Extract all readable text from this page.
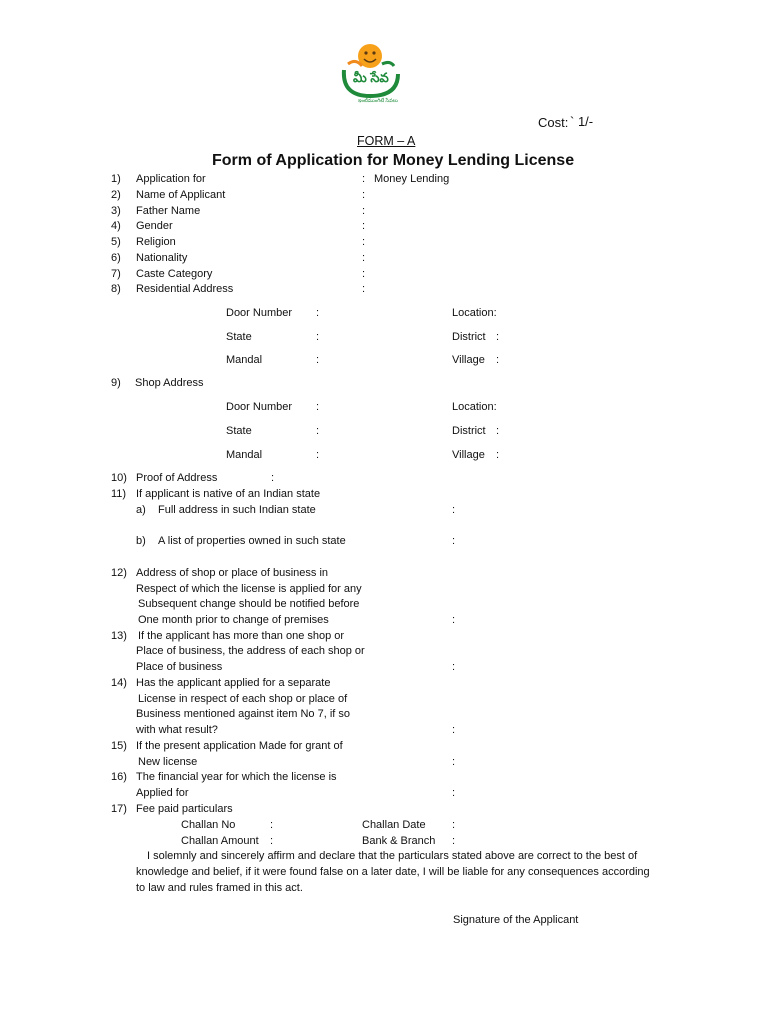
మీ సేవ
ఇంటిముంగిటే సేవలు
Cost: ` 1/-
FORM – A
Form of Application for Money Lending License
1) Application for	: Money Lending
2) Name of Applicant	:
3) Father Name	:
4) Gender	:
5) Religion	:
6) Nationality	:
7) Caste Category	:
8) Residential Address	:
Door Number :	Location:
State	:	District :
Mandal	:	Village :
9) Shop Address
Door Number :	Location:
State	:	District :
Mandal	:	Village :
10) Proof of Address	:
11) If applicant is native of an Indian state
a) Full address in such Indian state	:
b) A list of properties owned in such state	:
12) Address of shop or place of business in
Respect of which the license is applied for any
Subsequent change should be notified before
One month prior to change of premises	:
13) If the applicant has more than one shop or
Place of business, the address of each shop or
Place of business	:
14) Has the applicant applied for a separate
License in respect of each shop or place of
Business mentioned against item No 7, if so
with what result?	:
15) If the present application Made for grant of
New license	:
16) The financial year for which the license is
Applied for	:
17) Fee paid particulars
Challan No	:	Challan Date :
Challan Amount :	Bank & Branch :
I solemnly and sincerely affirm and declare that the particulars stated above are correct to the best of
knowledge and belief, if it were found false on a later date, I will be liable for any consequences according
to law and rules framed in this act.
Signature of the Applicant
